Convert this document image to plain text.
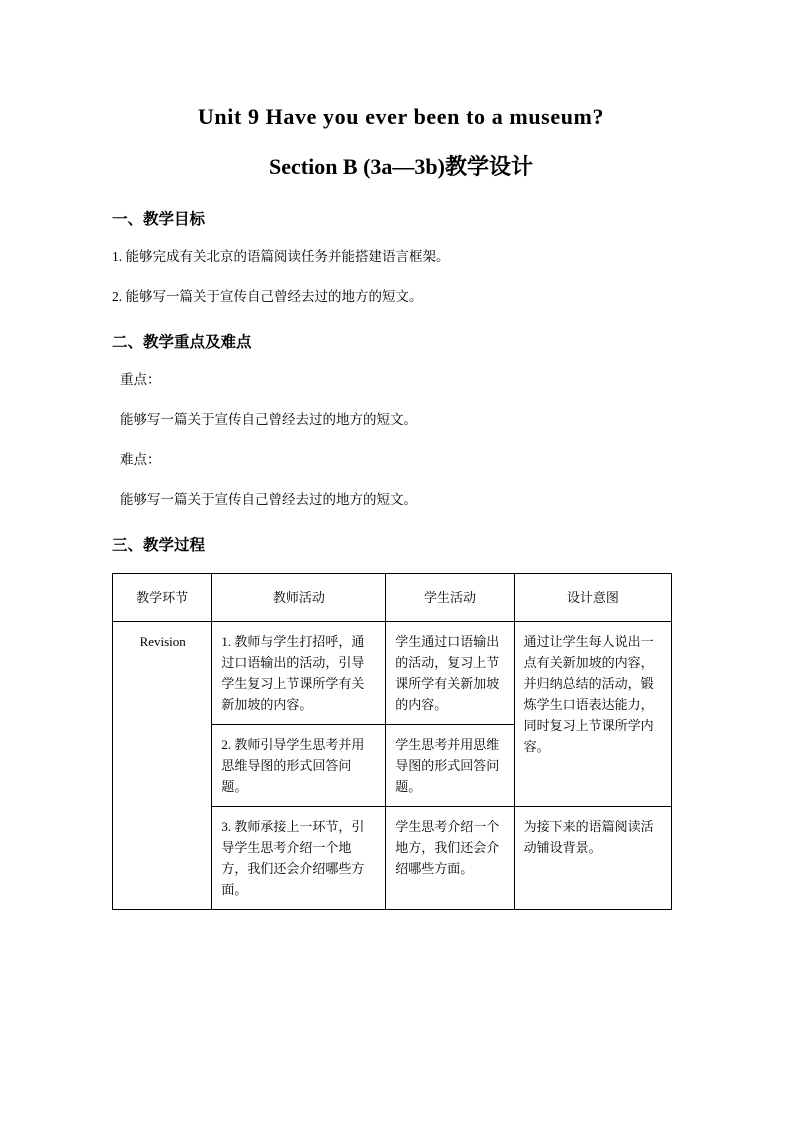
Unit 9 Have you ever been to a museum?
Section B (3a—3b)教学设计
一、教学目标

1. 能够完成有关北京的语篇阅读任务并能搭建语言框架。

2. 能够写一篇关于宣传自己曾经去过的地方的短文。

二、教学重点及难点

重点：

能够写一篇关于宣传自己曾经去过的地方的短文。

难点：

能够写一篇关于宣传自己曾经去过的地方的短文。

三、教学过程
教学环节	教师活动	学生活动	设计意图
Revision	1. 教师与学生打招呼，通过口语输出的活动，引导学生复习上节课所学有关新加坡的内容。	学生通过口语输出的活动，复习上节课所学有关新加坡的内容。	通过让学生每人说出一点有关新加坡的内容，并归纳总结的活动，锻炼学生口语表达能力，同时复习上节课所学内容。
	2. 教师引导学生思考并用思维导图的形式回答问题。	学生思考并用思维导图的形式回答问题。	
	3. 教师承接上一环节，引导学生思考介绍一个地方，我们还会介绍哪些方面。	学生思考介绍一个地方，我们还会介绍哪些方面。	为接下来的语篇阅读活动铺设背景。
